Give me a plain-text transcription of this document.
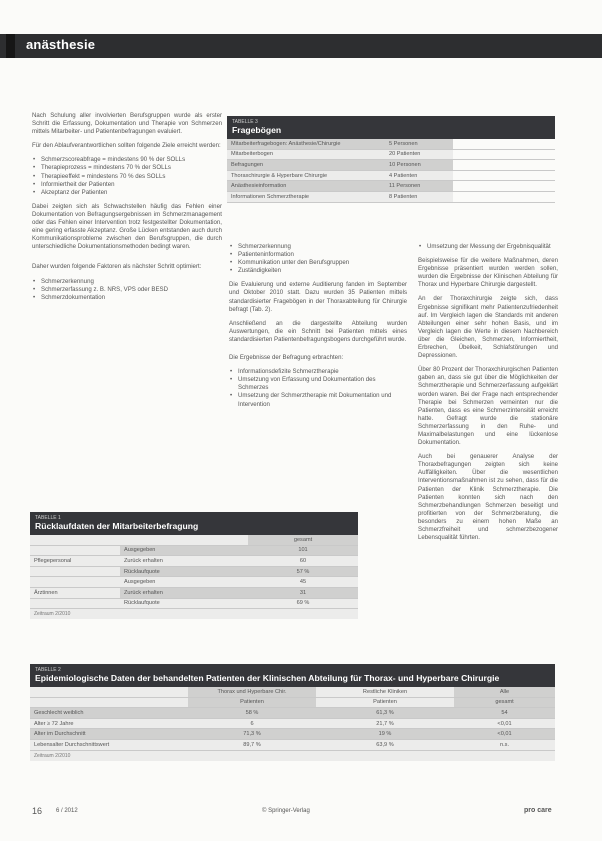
anästhesie

Nach Schulung aller involvierten Berufsgruppen wurde als erster Schritt die Erfassung, Dokumentation und Therapie von Schmerzen mittels Mitarbeiter- und Patientenbefragungen evaluiert.

Für den Ablaufverantwortlichen sollten folgende Ziele erreicht werden:

• Schmerzscoreabfrage = mindestens 90 % der SOLLs
• Therapieprozess = mindestens 70 % der SOLLs
• Therapieeffekt = mindestens 70 % des SOLLs
• Informiertheit der Patienten
• Akzeptanz der Patienten

Dabei zeigten sich als Schwachstellen häufig das Fehlen einer Dokumentation von Befragungsergebnissen im Schmerzmanagement oder das Fehlen einer Intervention trotz festgestellter Dokumentation, eine gering erfasste Akzeptanz. Große Lücken entstanden auch durch Kommunikationsprobleme zwischen den Berufsgruppen, die durch unterschiedliche Dokumentationsmethoden bedingt waren.

Daher wurden folgende Faktoren als nächster Schritt optimiert:

• Schmerzerkennung
• Schmerzerfassung z. B. NRS, VPS oder BESD
• Schmerzdokumentation
TABELLE 3
Fragebögen
Mitarbeiterfragebogen: Anästhesie/Chirurgie	5 Personen	
Mitarbeiterbogen	20 Patienten	
Befragungen	10 Personen	
Thoraxchirurgie & Hyperbare Chirurgie	4 Patienten	
Anästhesieinformation	11 Personen	
Informationen Schmerztherapie	8 Patienten	
• Schmerzerkennung
• Patienteninformation
• Kommunikation unter den Berufsgruppen
• Zuständigkeiten

Die Evaluierung und externe Auditierung fanden im September und Oktober 2010 statt. Dazu wurden 35 Patienten mittels standardisierter Fragebögen in der Thoraxabteilung für Chirurgie befragt (Tab. 2).

Anschließend an die dargestellte Abteilung wurden Auswertungen, die ein Schnitt bei Patienten mittels eines standardisierten Patientenbefragungsbogens durchgeführt wurde.

Die Ergebnisse der Befragung erbrachten:

• Informationsdefizite Schmerztherapie
• Umsetzung von Erfassung und Dokumentation des Schmerzes
• Umsetzung der Schmerztherapie mit Dokumentation und Intervention
• Umsetzung der Messung der Ergebnisqualität

Beispielsweise für die weitere Maßnahmen, deren Ergebnisse präsentiert wurden werden sollen, wurden die Ergebnisse der Klinischen Abteilung für Thorax und Hyperbare Chirurgie dargestellt.

An der Thoraxchirurgie zeigte sich, dass Ergebnisse signifikant mehr Patientenzufriedenheit auf. Im Vergleich lagen die Standards mit anderen Abteilungen einer sehr hohen Basis, und im Vergleich lagen die Werte in diesem Nachbereich über die Gleichen, Schmerzen, Informiertheit, Erbrechen, Übelkeit, Schlafstörungen und Depressionen.

Über 80 Prozent der Thoraxchirurgischen Patienten gaben an, dass sie gut über die Möglichkeiten der Schmerztherapie und Schmerzerfassung aufgeklärt worden waren. Bei der Frage nach entsprechender Therapie bei Schmerzen verneinten nur die Patienten, dass es eine Schmerzintensität erreicht hatte. Gefragt wurde die stationäre Schmerzerfassung in den Ruhe- und Maximalbelastungen und eine lückenlose Dokumentation.

Auch bei genauerer Analyse der Thoraxbefragungen zeigten sich keine Auffälligkeiten. Über die wesentlichen Interventionsmaßnahmen ist zu sehen, dass für die Patienten der Klinik Schmerztherapie. Die Patienten konnten sich nach den Schmerzbehandlungen Schmerzen beseitigt und profitierten von der Schmerzberatung, die besonders zu einem hohen Maße an Schmerzfreiheit und schmerzbezogener Lebensqualität führten.

TABELLE 1
Rücklaufdaten der Mitarbeiterbefragung
		gesamt
	Ausgegeben	101
Pflegepersonal	Zurück erhalten	60
	Rücklaufquote	57 %
	Ausgegeben	45
Ärztinnen	Zurück erhalten	31
	Rücklaufquote	69 %
Zeitraum 2/2010
TABELLE 2
Epidemiologische Daten der behandelten Patienten der Klinischen Abteilung für Thorax- und Hyperbare Chirurgie
	Thorax und Hyperbare Chir.	Restliche Kliniken	Alle
	Patienten	Patienten	gesamt
Geschlecht weiblich	58 %	61,3 %	54
Alter ≥ 72 Jahre	6	21,7 %	<0,01
Alter im Durchschnitt	71,3 %	19 %	<0,01
Lebensalter Durchschnittswert	89,7 %	63,9 %	n.s.
Zeitraum 2/2010
16 6 / 2012	© Springer-Verlag	pro care
